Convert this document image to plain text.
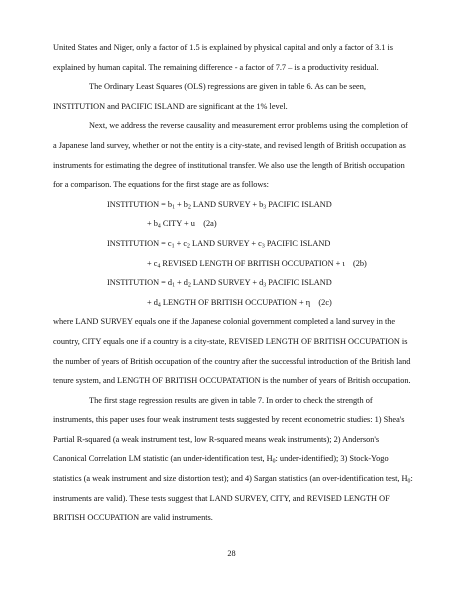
United States and Niger, only a factor of 1.5 is explained by physical capital and only a factor of 3.1 is explained by human capital. The remaining difference - a factor of 7.7 – is a productivity residual.

The Ordinary Least Squares (OLS) regressions are given in table 6. As can be seen, INSTITUTION and PACIFIC ISLAND are significant at the 1% level.

Next, we address the reverse causality and measurement error problems using the completion of a Japanese land survey, whether or not the entity is a city-state, and revised length of British occupation as instruments for estimating the degree of institutional transfer. We also use the length of British occupation for a comparison. The equations for the first stage are as follows:

INSTITUTION = $b_1 + b_2$ LAND SURVEY + $b_3$ PACIFIC ISLAND

+ $b_4$ CITY + u (2a)

INSTITUTION = $c_1 + c_2$ LAND SURVEY + $c_3$ PACIFIC ISLAND

+ $c_4$ REVISED LENGTH OF BRITISH OCCUPATION + ι (2b)

INSTITUTION = $d_1 + d_2$ LAND SURVEY + $d_3$ PACIFIC ISLAND

+ $d_4$ LENGTH OF BRITISH OCCUPATION + η (2c)

where LAND SURVEY equals one if the Japanese colonial government completed a land survey in the country, CITY equals one if a country is a city-state, REVISED LENGTH OF BRITISH OCCUPATION is the number of years of British occupation of the country after the successful introduction of the British land tenure system, and LENGTH OF BRITISH OCCUPATATION is the number of years of British occupation.

The first stage regression results are given in table 7. In order to check the strength of instruments, this paper uses four weak instrument tests suggested by recent econometric studies: 1) Shea's Partial R-squared (a weak instrument test, low R-squared means weak instruments); 2) Anderson's Canonical Correlation LM statistic (an under-identification test, $H_0$: under-identified); 3) Stock-Yogo statistics (a weak instrument and size distortion test); and 4) Sargan statistics (an over-identification test, $H_0$: instruments are valid). These tests suggest that LAND SURVEY, CITY, and REVISED LENGTH OF BRITISH OCCUPATION are valid instruments.

28
